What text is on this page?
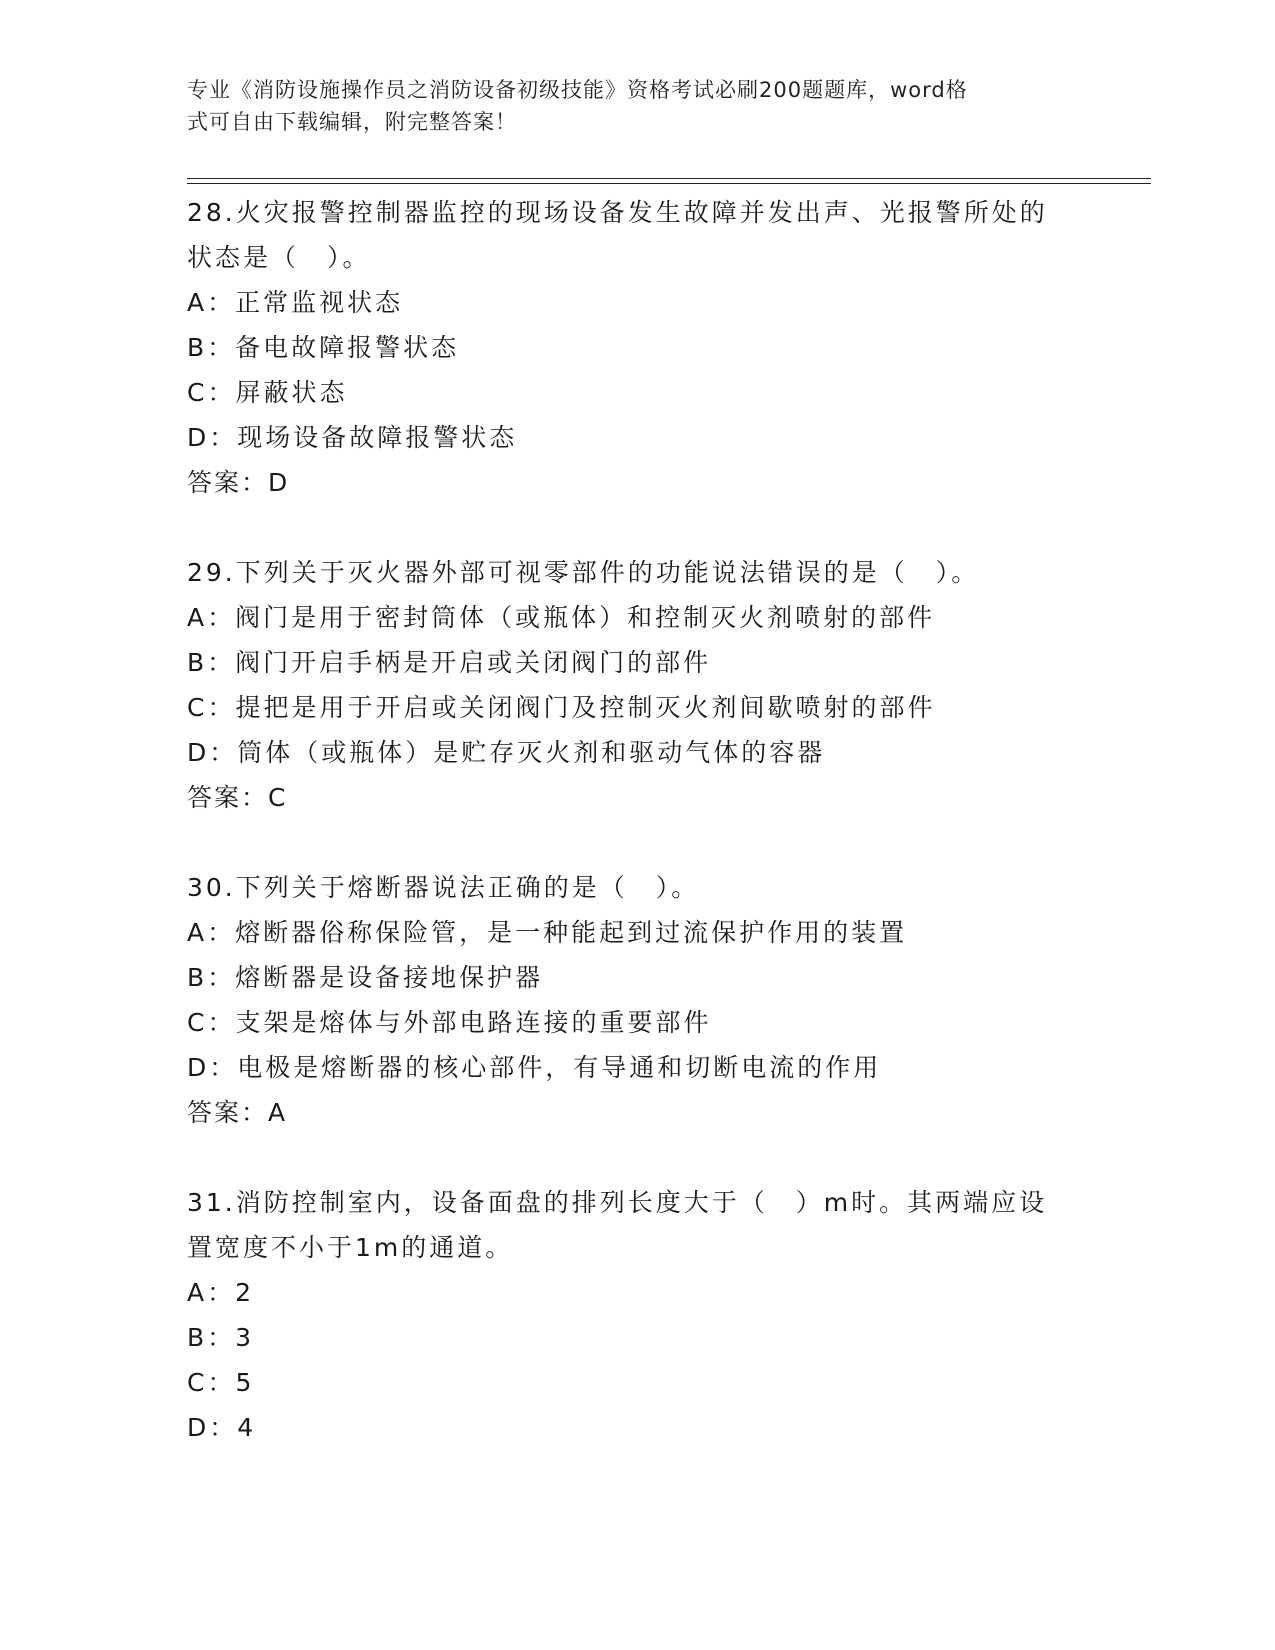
专业《消防设施操作员之消防设备初级技能》资格考试必刷200题题库，word格
式可自由下载编辑，附完整答案！
28.火灾报警控制器监控的现场设备发生故障并发出声、光报警所处的
状态是（　）。
A：正常监视状态
B：备电故障报警状态
C：屏蔽状态
D：现场设备故障报警状态
答案：D
29.下列关于灭火器外部可视零部件的功能说法错误的是（　）。
A：阀门是用于密封筒体（或瓶体）和控制灭火剂喷射的部件
B：阀门开启手柄是开启或关闭阀门的部件
C：提把是用于开启或关闭阀门及控制灭火剂间歇喷射的部件
D：筒体（或瓶体）是贮存灭火剂和驱动气体的容器
答案：C
30.下列关于熔断器说法正确的是（　）。
A：熔断器俗称保险管，是一种能起到过流保护作用的装置
B：熔断器是设备接地保护器
C：支架是熔体与外部电路连接的重要部件
D：电极是熔断器的核心部件，有导通和切断电流的作用
答案：A
31.消防控制室内，设备面盘的排列长度大于（　）m时。其两端应设
置宽度不小于1m的通道。
A：2
B：3
C：5
D：4
